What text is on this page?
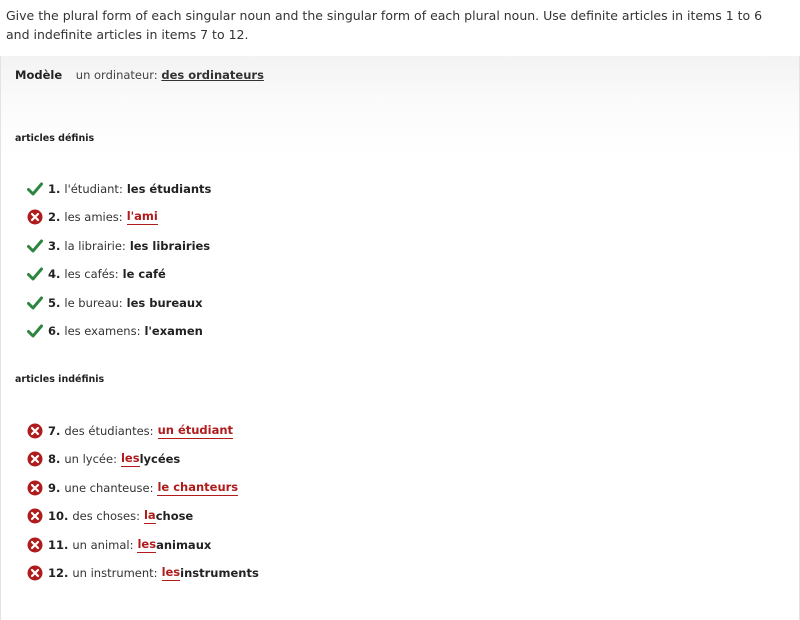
Give the plural form of each singular noun and the singular form of each plural noun. Use definite articles in items 1 to 6 and indefinite articles in items 7 to 12.
Modèle un ordinateur: des ordinateurs
articles définis
1. l'étudiant: les étudiants
2. les amies: l'ami
3. la librairie: les librairies
4. les cafés: le café
5. le bureau: les bureaux
6. les examens: l'examen
articles indéfinis
7. des étudiantes: un étudiant
8. un lycée: les lycées
9. une chanteuse: le chanteurs
10. des choses: la chose
11. un animal: les animaux
12. un instrument: les instruments
